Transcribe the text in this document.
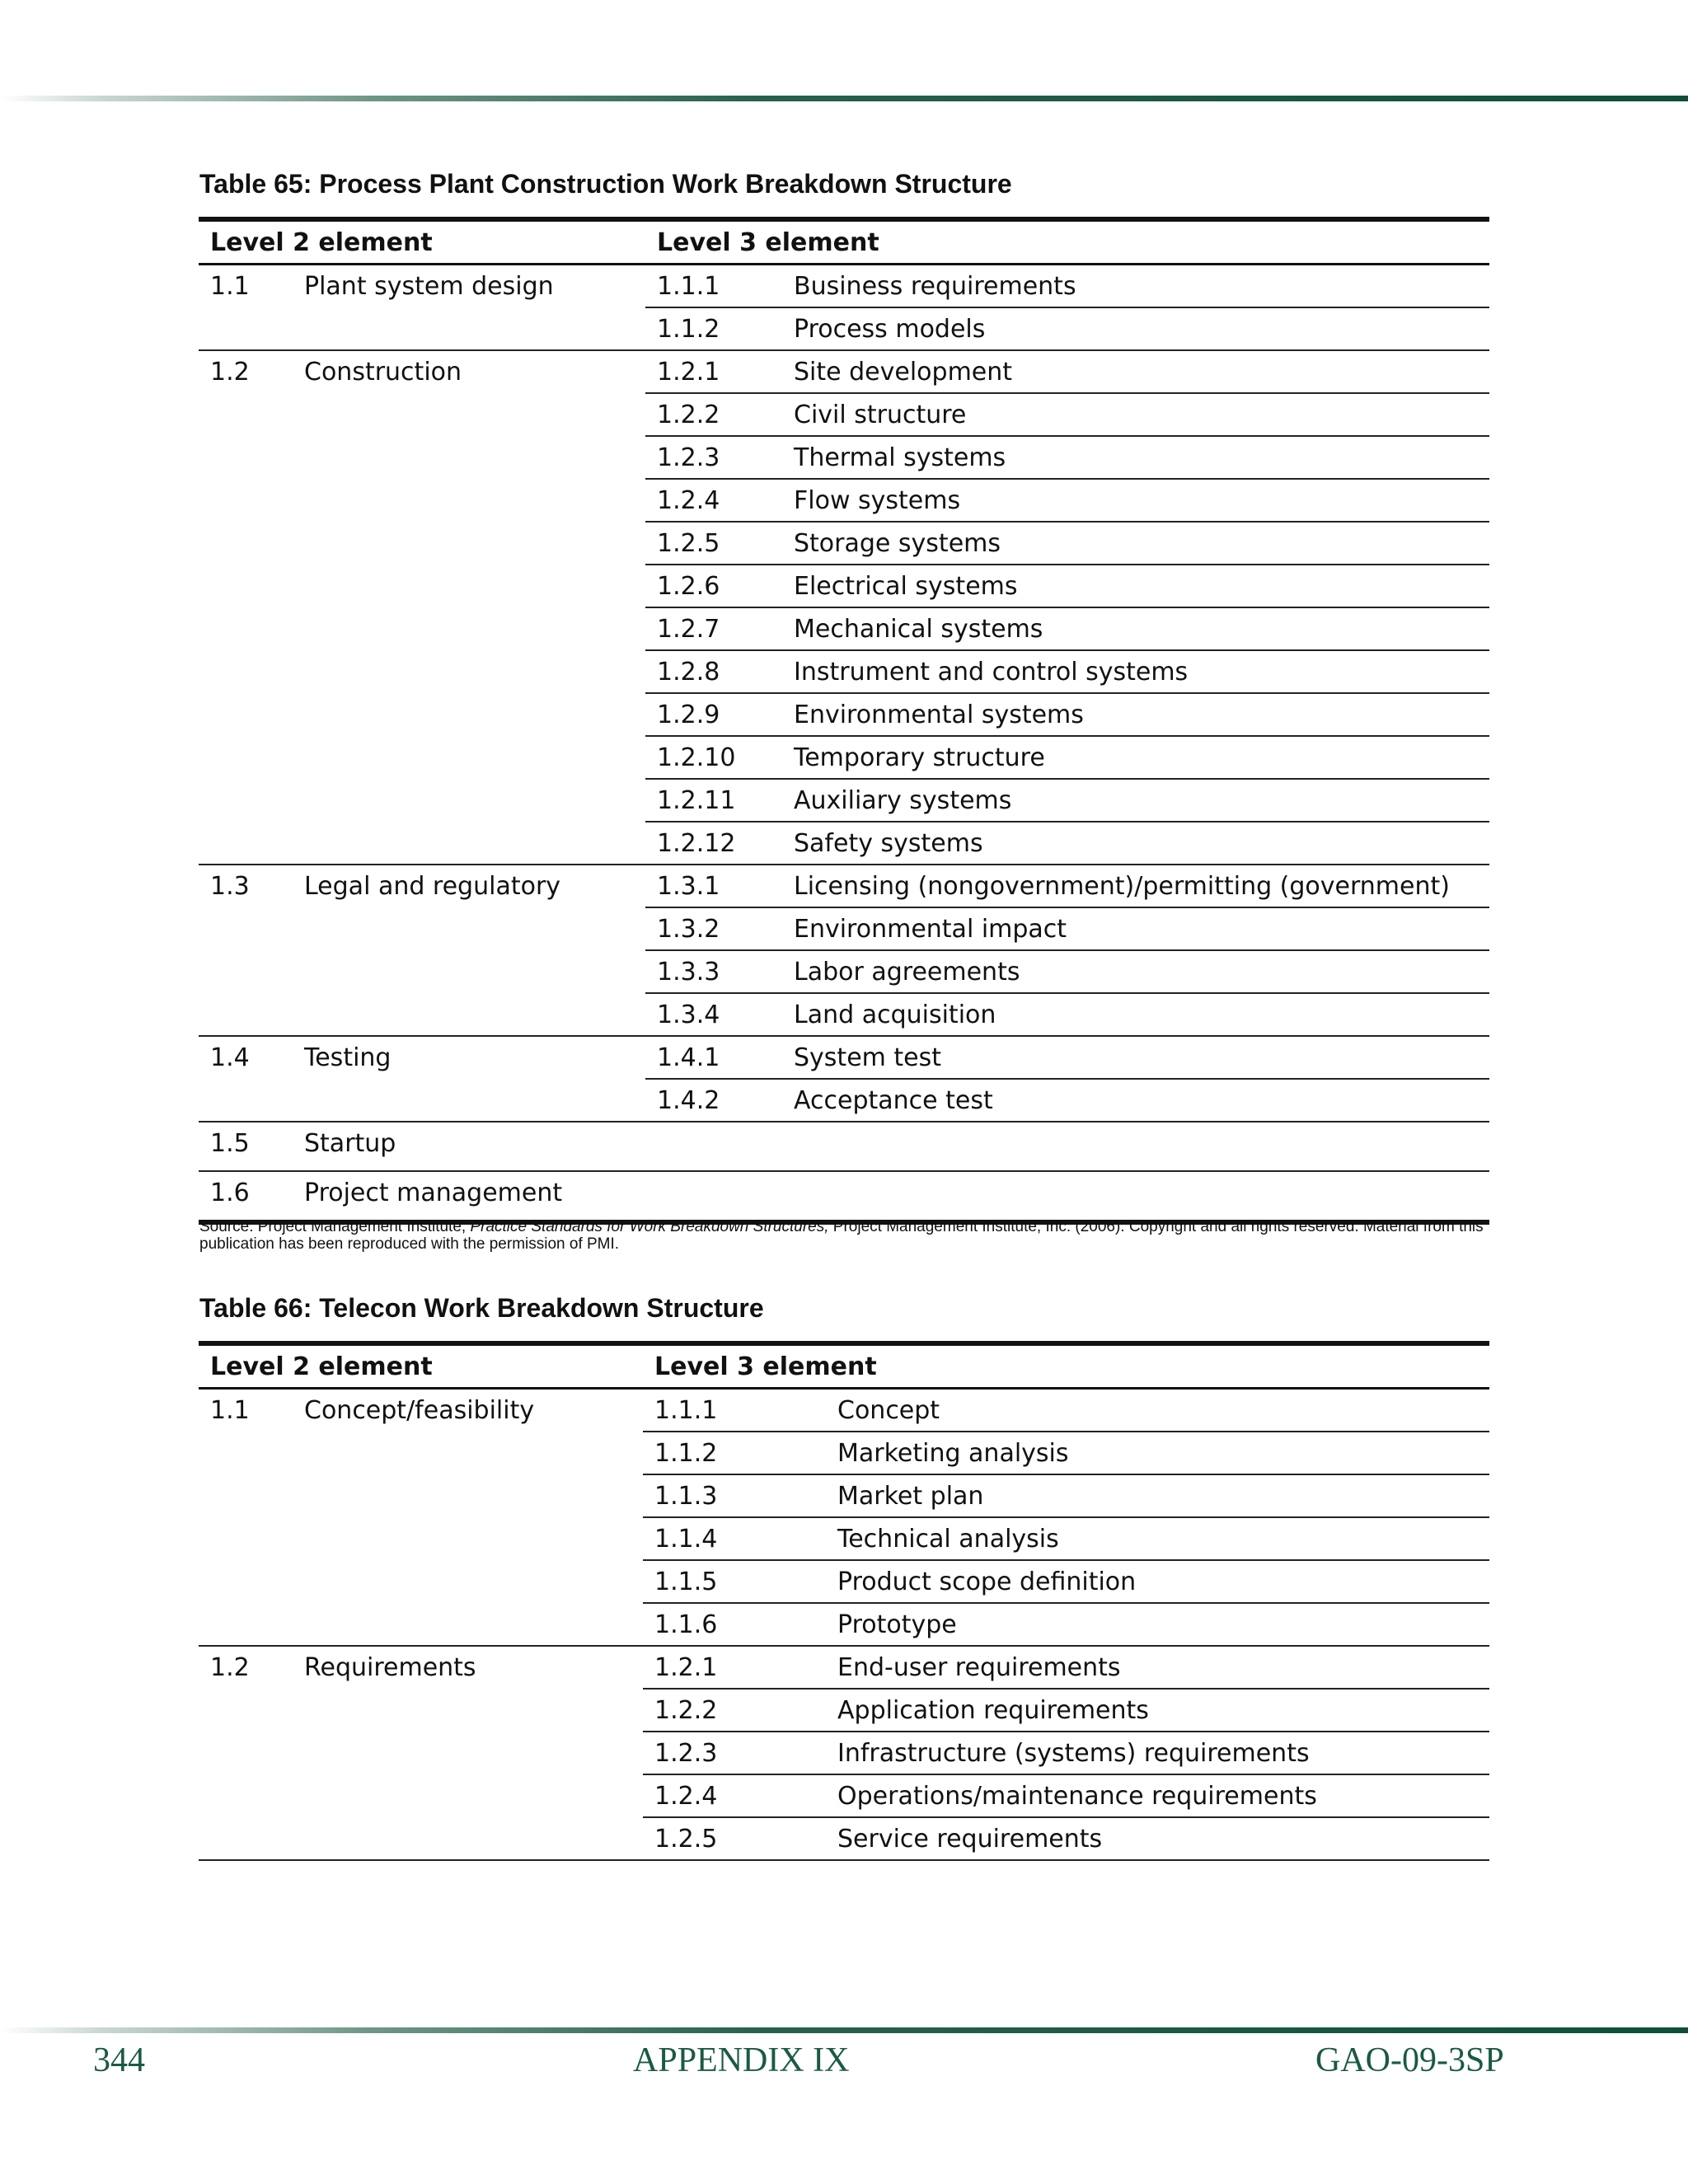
Table 65: Process Plant Construction Work Breakdown Structure
Level 2 element		Level 3 element	
1.1	Plant system design	1.1.1	Business requirements
		1.1.2	Process models
1.2	Construction	1.2.1	Site development
		1.2.2	Civil structure
		1.2.3	Thermal systems
		1.2.4	Flow systems
		1.2.5	Storage systems
		1.2.6	Electrical systems
		1.2.7	Mechanical systems
		1.2.8	Instrument and control systems
		1.2.9	Environmental systems
		1.2.10	Temporary structure
		1.2.11	Auxiliary systems
		1.2.12	Safety systems
1.3	Legal and regulatory	1.3.1	Licensing (nongovernment)/permitting (government)
		1.3.2	Environmental impact
		1.3.3	Labor agreements
		1.3.4	Land acquisition
1.4	Testing	1.4.1	System test
		1.4.2	Acceptance test
1.5	Startup		
1.6	Project management		
Source: Project Management Institute, Practice Standards for Work Breakdown Structures, Project Management Institute, Inc. (2006). Copyright and all rights reserved. Material from this publication has been reproduced with the permission of PMI.
Table 66: Telecon Work Breakdown Structure
Level 2 element		Level 3 element	
1.1	Concept/feasibility	1.1.1	Concept
		1.1.2	Marketing analysis
		1.1.3	Market plan
		1.1.4	Technical analysis
		1.1.5	Product scope definition
		1.1.6	Prototype
1.2	Requirements	1.2.1	End-user requirements
		1.2.2	Application requirements
		1.2.3	Infrastructure (systems) requirements
		1.2.4	Operations/maintenance requirements
		1.2.5	Service requirements
344	APPENDIX IX	GAO-09-3SP
